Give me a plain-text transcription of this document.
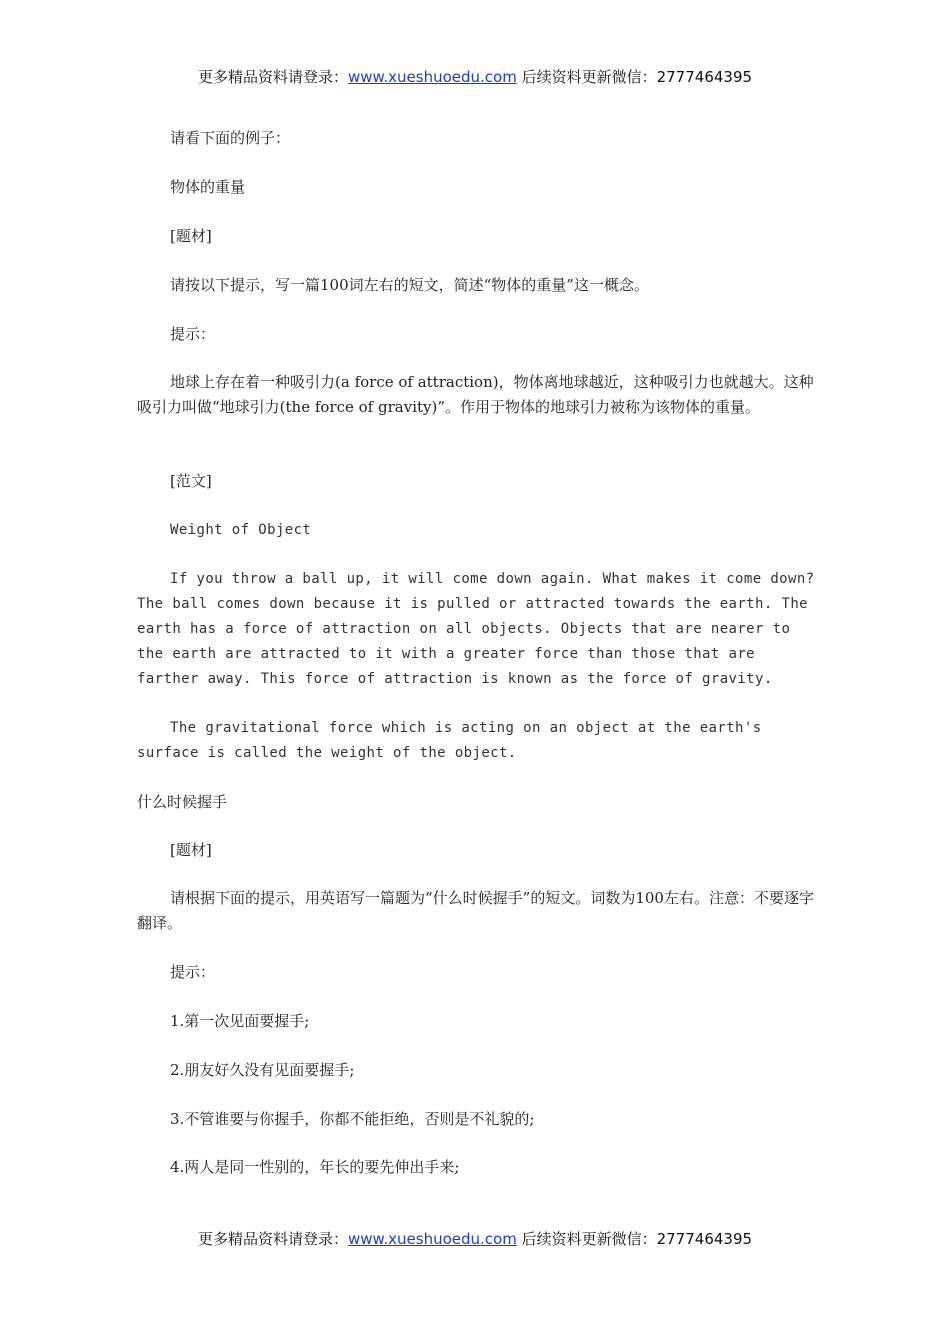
更多精品资料请登录：www.xueshuoedu.com 后续资料更新微信：2777464395
请看下面的例子：
物体的重量
[题材]
请按以下提示，写一篇100词左右的短文，简述“物体的重量”这一概念。
提示：
地球上存在着一种吸引力(a force of attraction)，物体离地球越近，这种吸引力也就越大。这种吸引力叫做“地球引力(the force of gravity)”。作用于物体的地球引力被称为该物体的重量。
[范文]
Weight of Object
If you throw a ball up, it will come down again. What makes it come down? The ball comes down because it is pulled or attracted towards the earth. The earth has a force of attraction on all objects. Objects that are nearer to the earth are attracted to it with a greater force than those that are farther away. This force of attraction is known as the force of gravity.
The gravitational force which is acting on an object at the earth's surface is called the weight of the object.
什么时候握手
[题材]
请根据下面的提示，用英语写一篇题为“什么时候握手”的短文。词数为100左右。注意：不要逐字翻译。
提示：
1.第一次见面要握手;
2.朋友好久没有见面要握手;
3.不管谁要与你握手，你都不能拒绝，否则是不礼貌的;
4.两人是同一性别的，年长的要先伸出手来;
更多精品资料请登录：www.xueshuoedu.com 后续资料更新微信：2777464395
